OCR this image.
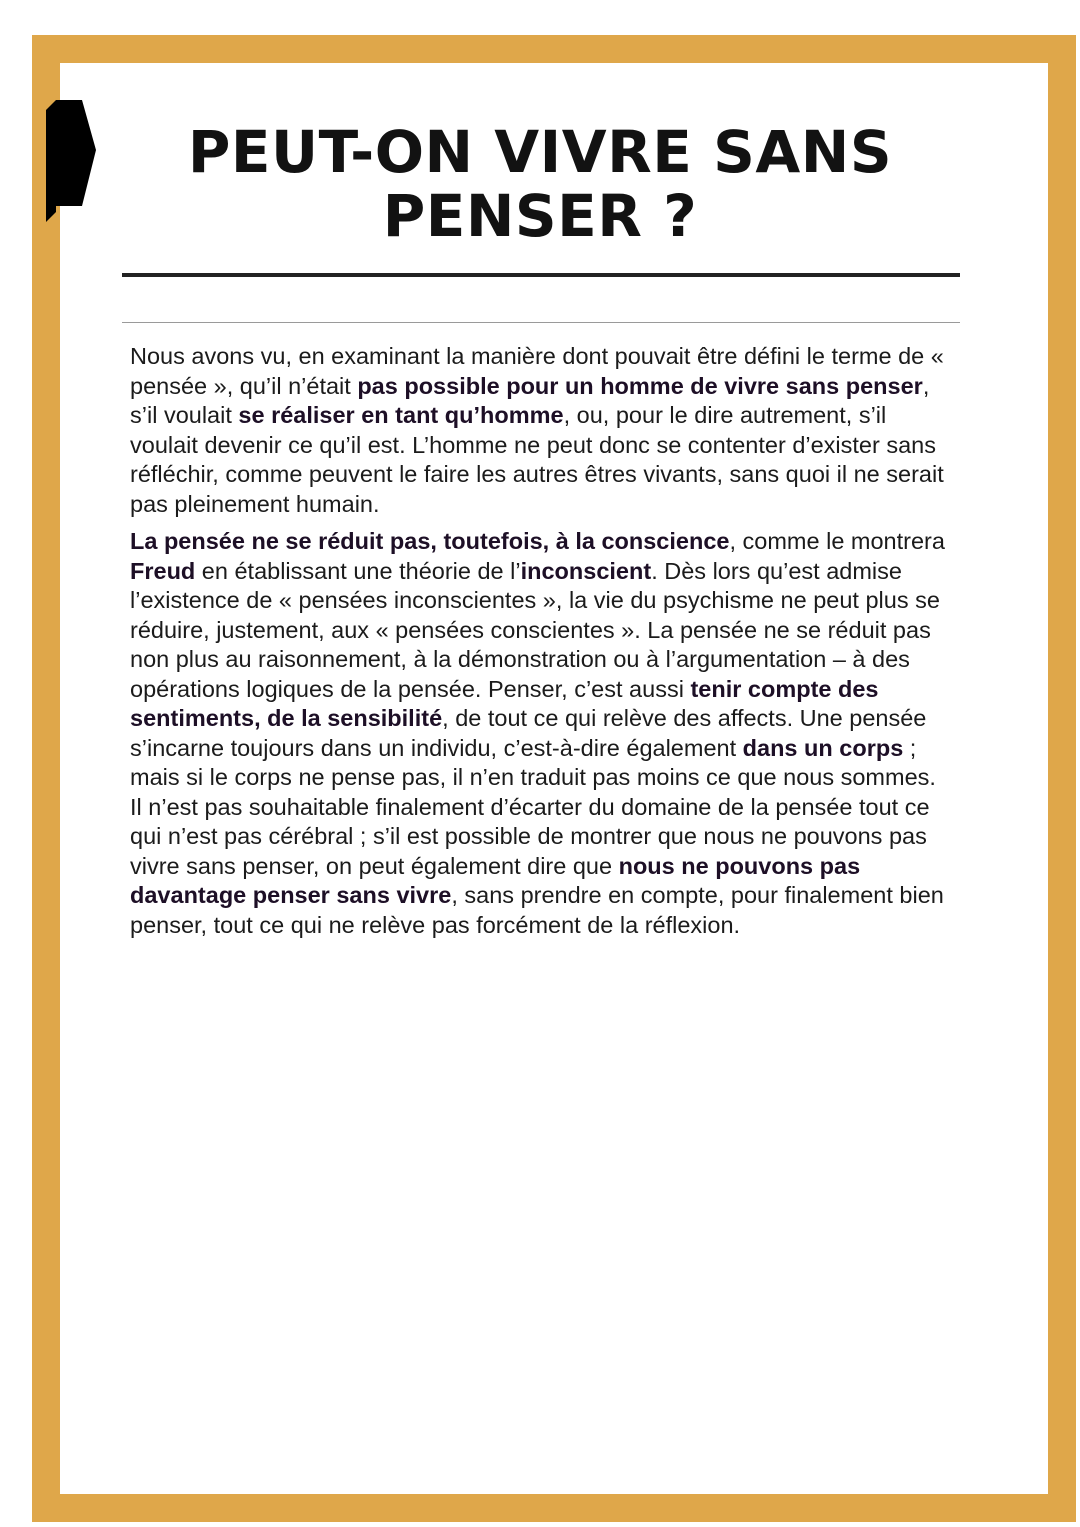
PEUT-ON VIVRE SANS
PENSER ?

Nous avons vu, en examinant la manière dont pouvait être défini le terme de « pensée », qu’il n’était pas possible pour un homme de vivre sans penser, s’il voulait se réaliser en tant qu’homme, ou, pour le dire autrement, s’il voulait devenir ce qu’il est. L’homme ne peut donc se contenter d’exister sans réfléchir, comme peuvent le faire les autres êtres vivants, sans quoi il ne serait pas pleinement humain.

La pensée ne se réduit pas, toutefois, à la conscience, comme le montrera Freud en établissant une théorie de l’inconscient. Dès lors qu’est admise l’existence de « pensées inconscientes », la vie du psychisme ne peut plus se réduire, justement, aux « pensées conscientes ». La pensée ne se réduit pas non plus au raisonnement, à la démonstration ou à l’argumentation – à des opérations logiques de la pensée. Penser, c’est aussi tenir compte des sentiments, de la sensibilité, de tout ce qui relève des affects. Une pensée s’incarne toujours dans un individu, c’est-à-dire également dans un corps ; mais si le corps ne pense pas, il n’en traduit pas moins ce que nous sommes. Il n’est pas souhaitable finalement d’écarter du domaine de la pensée tout ce qui n’est pas cérébral ; s’il est possible de montrer que nous ne pouvons pas vivre sans penser, on peut également dire que nous ne pouvons pas davantage penser sans vivre, sans prendre en compte, pour finalement bien penser, tout ce qui ne relève pas forcément de la réflexion.
